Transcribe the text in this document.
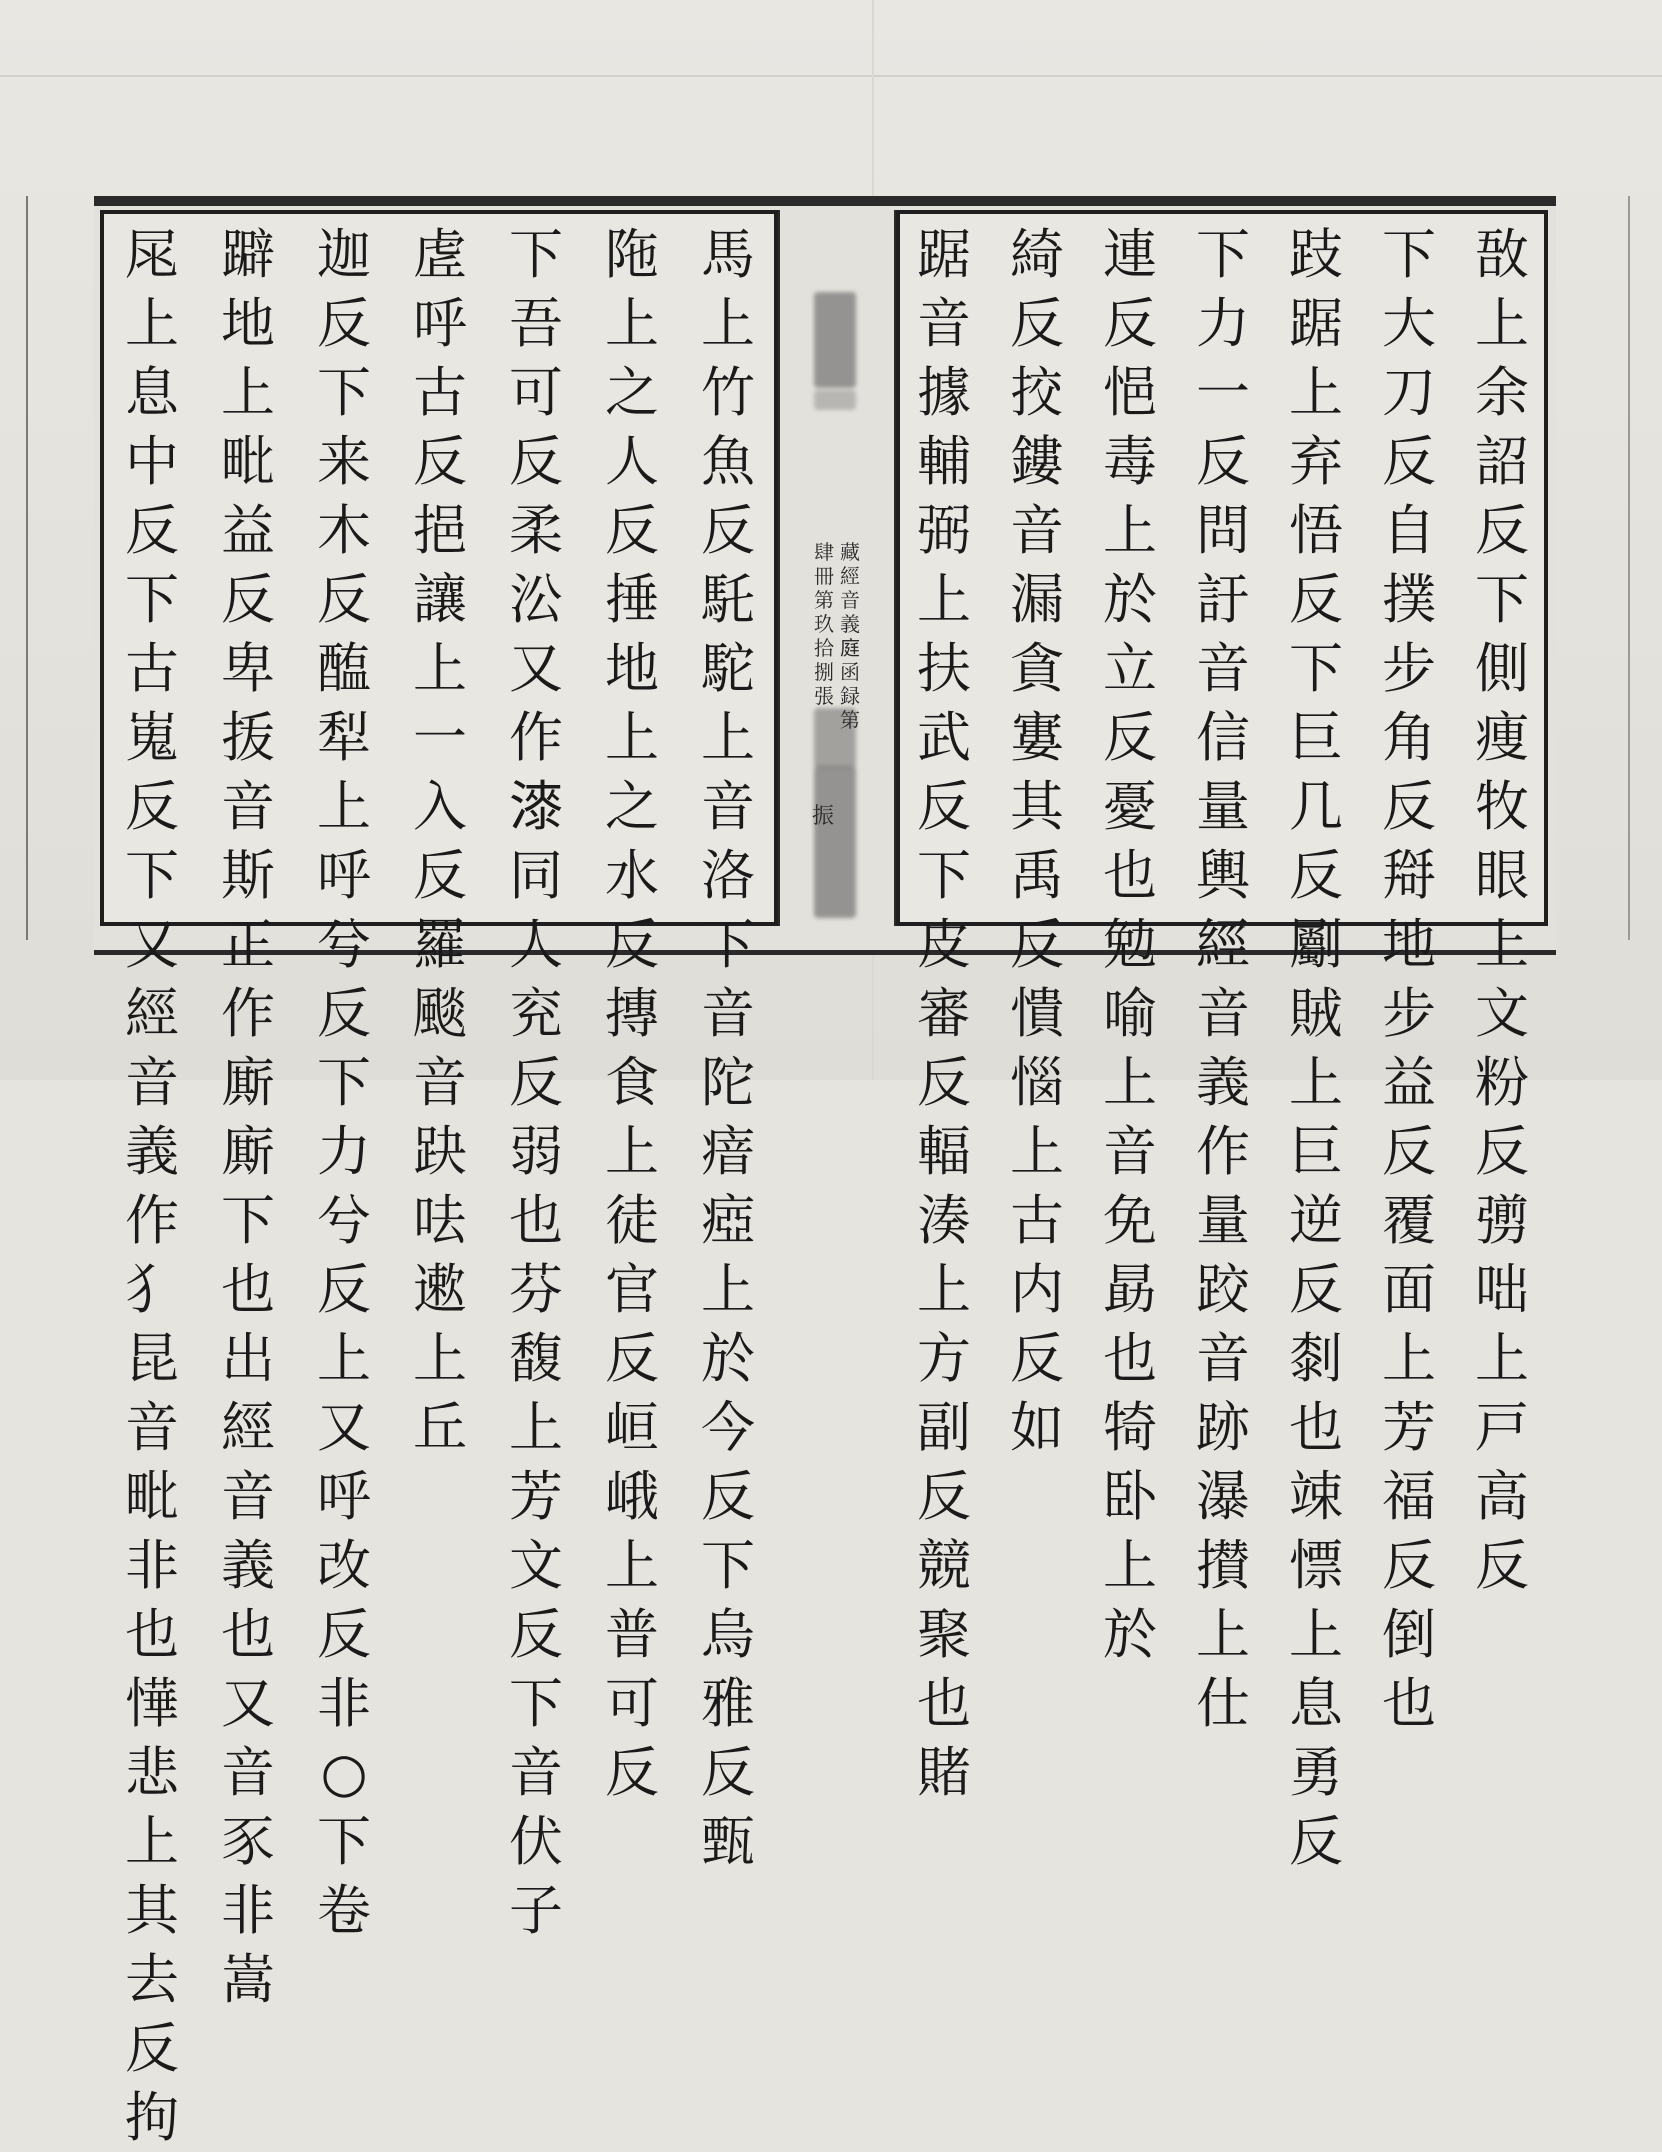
敔上余詔反下側痩牧眼上文粉反彅咄上戸高反
下大刀反自撲步角反搿地步益反覆面上芳福反倒也
跂踞上弃悟反下巨几反劚賊上巨逆反㓼也竦慓上息勇反
下力一反問訏音信量輿經音義作量跤音跡瀑攅上仕
連反悒毒上於立反憂也勉喻上音免勗也犄卧上於
綺反挍鏤音漏貪寠其禹反憒惱上古内反如
踞音據輔弼上扶武反下皮審反輻湊上方副反競聚也賭
藏經音義𨓍函録第
肆冊第玖拾捌張
振
馬上竹魚反馲駝上音洛下音陀瘖瘂上於今反下烏雅反甄
陁上之人反捶地上之水反摶食上徒官反峘峨上普可反
下吾可反柔㳂又作𣾰同人兖反弱也芬馥上芳文反下音伏子
虗呼古反挹讓上一入反羅颷音趹呿遬上丘
迦反下来木反醢犁上呼兮反下力兮反上又呼改反非○下卷
躃地上毗益反卑㧞音斯正作廝廝下也出經音義也又音豕非嵩
㞑上息中反下古嵬反下又經音義作犭昆音毗非也㦊悲上其去反拘
